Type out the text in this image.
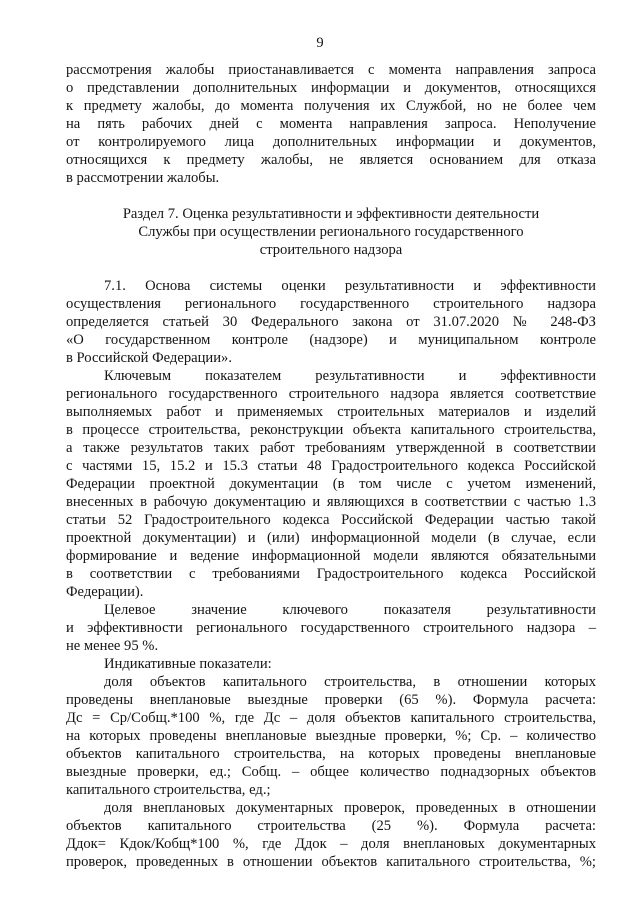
9
рассмотрения жалобы приостанавливается с момента направления запроса
о представлении дополнительных информации и документов, относящихся
к предмету жалобы, до момента получения их Службой, но не более чем
на пять рабочих дней с момента направления запроса. Неполучение
от контролируемого лица дополнительных информации и документов,
относящихся к предмету жалобы, не является основанием для отказа
в рассмотрении жалобы.
Раздел 7. Оценка результативности и эффективности деятельности
Службы при осуществлении регионального государственного
строительного надзора
7.1. Основа системы оценки результативности и эффективности
осуществления регионального государственного строительного надзора
определяется статьей 30 Федерального закона от 31.07.2020 № 248-ФЗ
«О государственном контроле (надзоре) и муниципальном контроле
в Российской Федерации».
Ключевым показателем результативности и эффективности
регионального государственного строительного надзора является соответствие
выполняемых работ и применяемых строительных материалов и изделий
в процессе строительства, реконструкции объекта капитального строительства,
а также результатов таких работ требованиям утвержденной в соответствии
с частями 15, 15.2 и 15.3 статьи 48 Градостроительного кодекса Российской
Федерации проектной документации (в том числе с учетом изменений,
внесенных в рабочую документацию и являющихся в соответствии с частью 1.3
статьи 52 Градостроительного кодекса Российской Федерации частью такой
проектной документации) и (или) информационной модели (в случае, если
формирование и ведение информационной модели являются обязательными
в соответствии с требованиями Градостроительного кодекса Российской
Федерации).
Целевое значение ключевого показателя результативности
и эффективности регионального государственного строительного надзора –
не менее 95 %.
Индикативные показатели:
доля объектов капитального строительства, в отношении которых
проведены внеплановые выездные проверки (65 %). Формула расчета:
Дс = Ср/Собщ.*100 %, где Дс – доля объектов капитального строительства,
на которых проведены внеплановые выездные проверки, %; Ср. – количество
объектов капитального строительства, на которых проведены внеплановые
выездные проверки, ед.; Собщ. – общее количество поднадзорных объектов
капитального строительства, ед.;
доля внеплановых документарных проверок, проведенных в отношении
объектов капитального строительства (25 %). Формула расчета:
Ддок= Кдок/Кобщ*100 %, где Ддок – доля внеплановых документарных
проверок, проведенных в отношении объектов капитального строительства, %;
